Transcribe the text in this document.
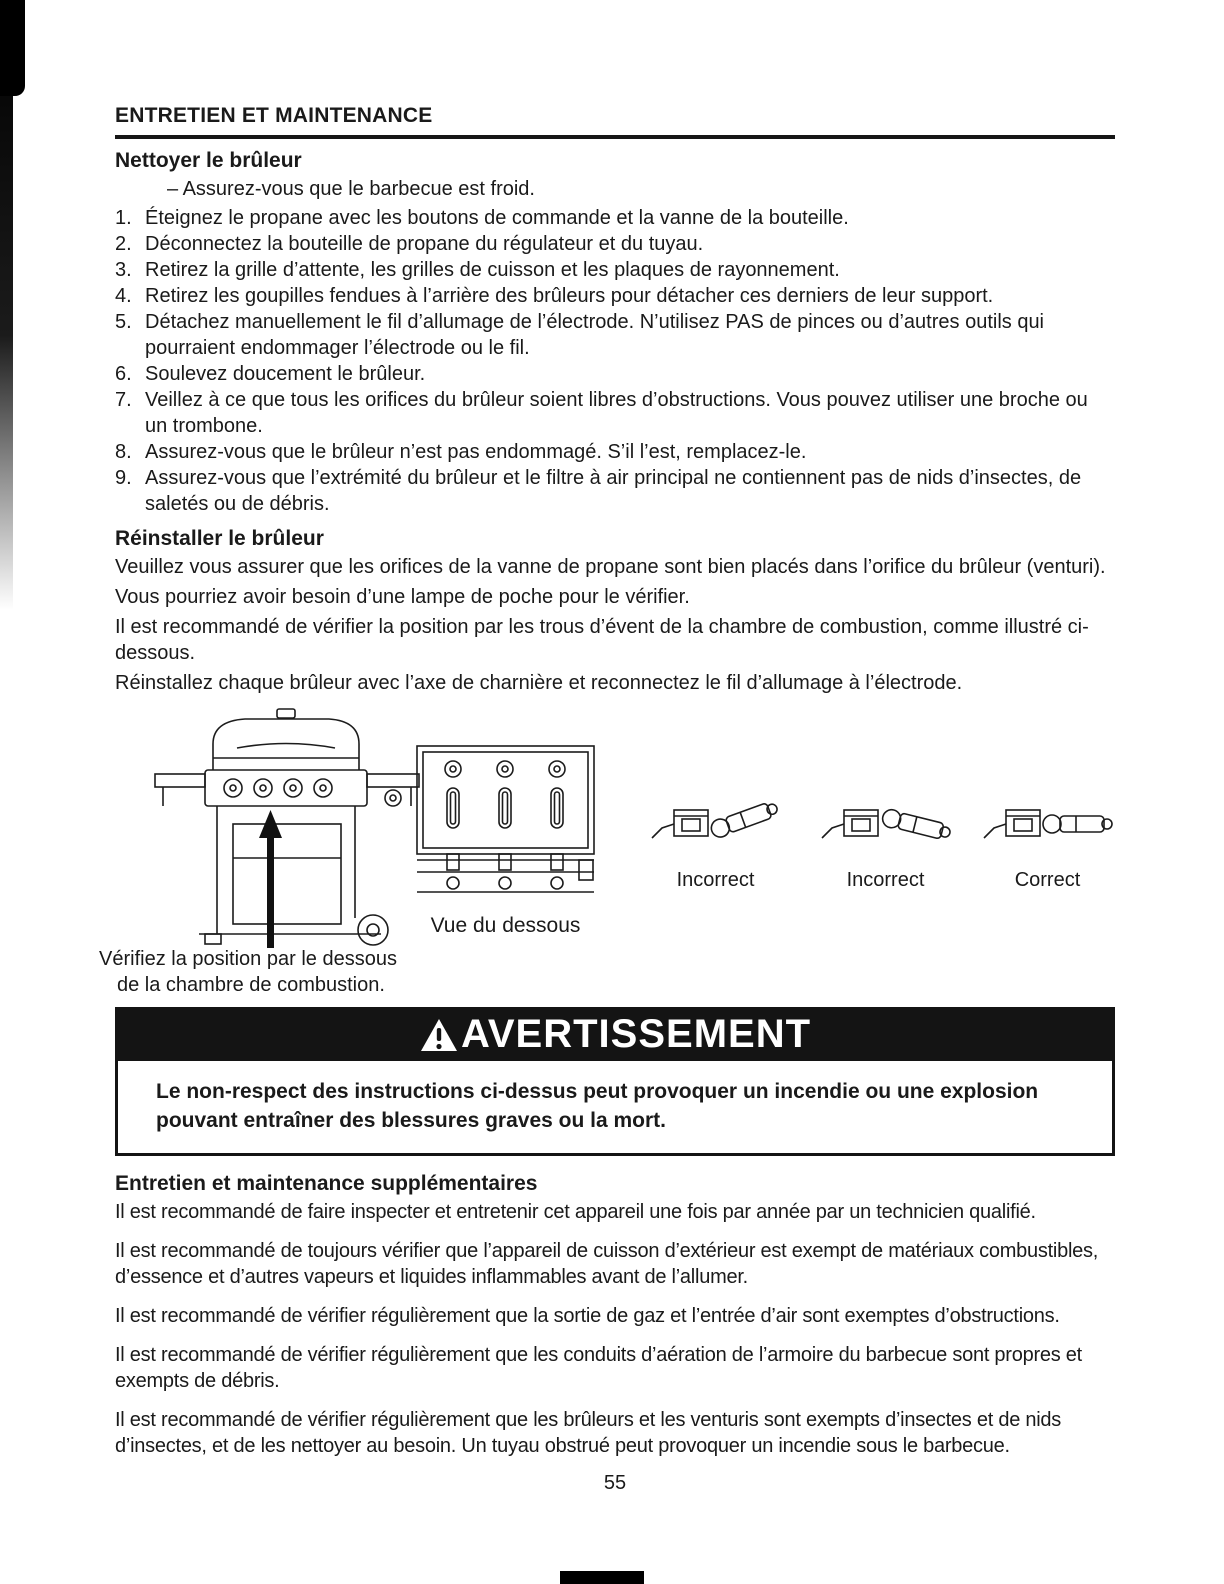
ENTRETIEN ET MAINTENANCE
Nettoyer le brûleur

– Assurez-vous que le barbecue est froid.

1. Éteignez le propane avec les boutons de commande et la vanne de la bouteille.
2. Déconnectez la bouteille de propane du régulateur et du tuyau.
3. Retirez la grille d’attente, les grilles de cuisson et les plaques de rayonnement.
4. Retirez les goupilles fendues à l’arrière des brûleurs pour détacher ces derniers de leur support.
5. Détachez manuellement le fil d’allumage de l’électrode. N’utilisez PAS de pinces ou d’autres outils qui pourraient endommager l’électrode ou le fil.
6. Soulevez doucement le brûleur.
7. Veillez à ce que tous les orifices du brûleur soient libres d’obstructions. Vous pouvez utiliser une broche ou un trombone.
8. Assurez-vous que le brûleur n’est pas endommagé. S’il l’est, remplacez-le.
9. Assurez-vous que l’extrémité du brûleur et le filtre à air principal ne contiennent pas de nids d’insectes, de saletés ou de débris.
Réinstaller le brûleur

Veuillez vous assurer que les orifices de la vanne de propane sont bien placés dans l’orifice du brûleur (venturi).

Vous pourriez avoir besoin d’une lampe de poche pour le vérifier.

Il est recommandé de vérifier la position par les trous d’évent de la chambre de combustion, comme illustré ci-dessous.

Réinstallez chaque brûleur avec l’axe de charnière et reconnectez le fil d’allumage à l’électrode.

Vue du dessous
Incorrect	Incorrect	Correct
Vérifiez la position par le dessous
de la chambre de combustion.
AVERTISSEMENT

Le non-respect des instructions ci-dessus peut provoquer un incendie ou une explosion pouvant entraîner des blessures graves ou la mort.

Entretien et maintenance supplémentaires

Il est recommandé de faire inspecter et entretenir cet appareil une fois par année par un technicien qualifié.

Il est recommandé de toujours vérifier que l’appareil de cuisson d’extérieur est exempt de matériaux combustibles, d’essence et d’autres vapeurs et liquides inflammables avant de l’allumer.

Il est recommandé de vérifier régulièrement que la sortie de gaz et l’entrée d’air sont exemptes d’obstructions.

Il est recommandé de vérifier régulièrement que les conduits d’aération de l’armoire du barbecue sont propres et exempts de débris.

Il est recommandé de vérifier régulièrement que les brûleurs et les venturis sont exempts d’insectes et de nids d’insectes, et de les nettoyer au besoin. Un tuyau obstrué peut provoquer un incendie sous le barbecue.

55
